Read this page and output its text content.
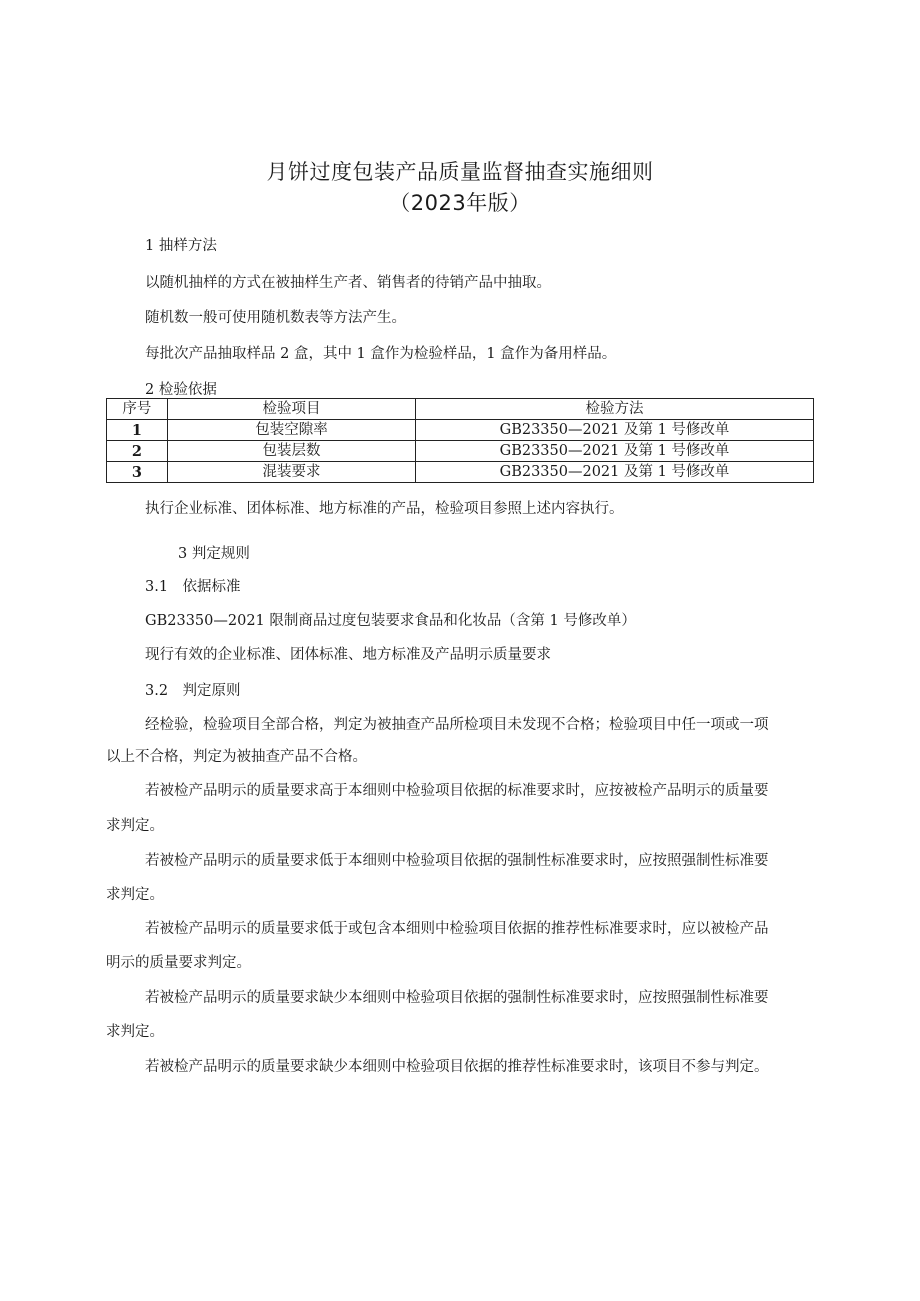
月饼过度包装产品质量监督抽查实施细则
（2023年版）
1 抽样方法
以随机抽样的方式在被抽样生产者、销售者的待销产品中抽取。
随机数一般可使用随机数表等方法产生。
每批次产品抽取样品 2 盒，其中 1 盒作为检验样品，1 盒作为备用样品。
2 检验依据
序号	检验项目	检验方法
1	包装空隙率	GB23350—2021 及第 1 号修改单
2	包装层数	GB23350—2021 及第 1 号修改单
3	混装要求	GB23350—2021 及第 1 号修改单
执行企业标准、团体标准、地方标准的产品，检验项目参照上述内容执行。
3 判定规则
3.1　依据标准
GB23350—2021 限制商品过度包装要求食品和化妆品（含第 1 号修改单）
现行有效的企业标准、团体标准、地方标准及产品明示质量要求
3.2　判定原则
经检验，检验项目全部合格，判定为被抽查产品所检项目未发现不合格；检验项目中任一项或一项
以上不合格，判定为被抽查产品不合格。
若被检产品明示的质量要求高于本细则中检验项目依据的标准要求时，应按被检产品明示的质量要
求判定。
若被检产品明示的质量要求低于本细则中检验项目依据的强制性标准要求时，应按照强制性标准要
求判定。
若被检产品明示的质量要求低于或包含本细则中检验项目依据的推荐性标准要求时，应以被检产品
明示的质量要求判定。
若被检产品明示的质量要求缺少本细则中检验项目依据的强制性标准要求时，应按照强制性标准要
求判定。
若被检产品明示的质量要求缺少本细则中检验项目依据的推荐性标准要求时，该项目不参与判定。
